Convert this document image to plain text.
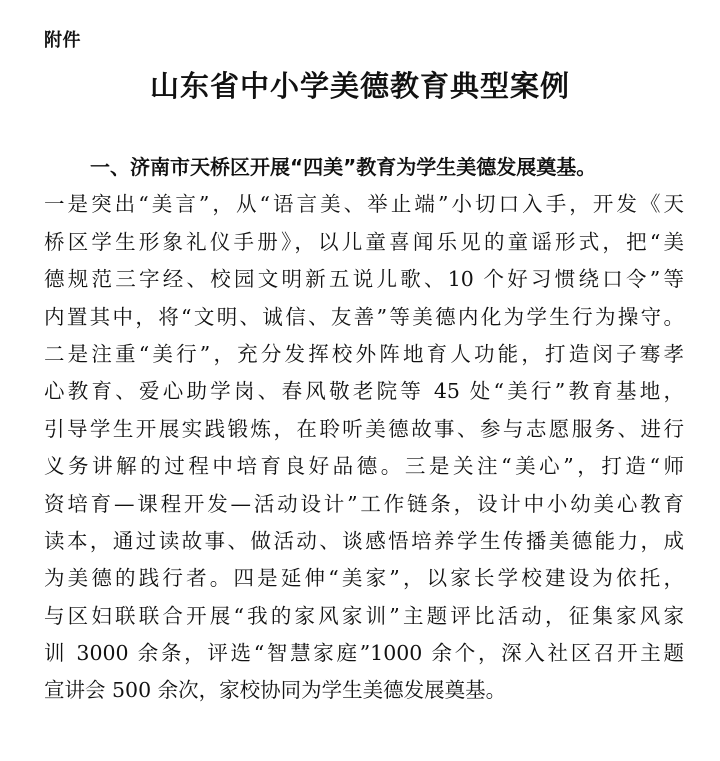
附件
山东省中小学美德教育典型案例
一、济南市天桥区开展“四美”教育为学生美德发展奠基。
一是突出“美言”，从“语言美、举止端”小切口入手，开发《天
桥区学生形象礼仪手册》，以儿童喜闻乐见的童谣形式，把“美
德规范三字经、校园文明新五说儿歌、10 个好习惯绕口令”等
内置其中，将“文明、诚信、友善”等美德内化为学生行为操守。
二是注重“美行”，充分发挥校外阵地育人功能，打造闵子骞孝
心教育、爱心助学岗、春风敬老院等 45 处“美行”教育基地，
引导学生开展实践锻炼，在聆听美德故事、参与志愿服务、进行
义务讲解的过程中培育良好品德。三是关注“美心”，打造“师
资培育—课程开发—活动设计”工作链条，设计中小幼美心教育
读本，通过读故事、做活动、谈感悟培养学生传播美德能力，成
为美德的践行者。四是延伸“美家”，以家长学校建设为依托，
与区妇联联合开展“我的家风家训”主题评比活动，征集家风家
训 3000 余条，评选“智慧家庭”1000 余个，深入社区召开主题
宣讲会 500 余次，家校协同为学生美德发展奠基。
